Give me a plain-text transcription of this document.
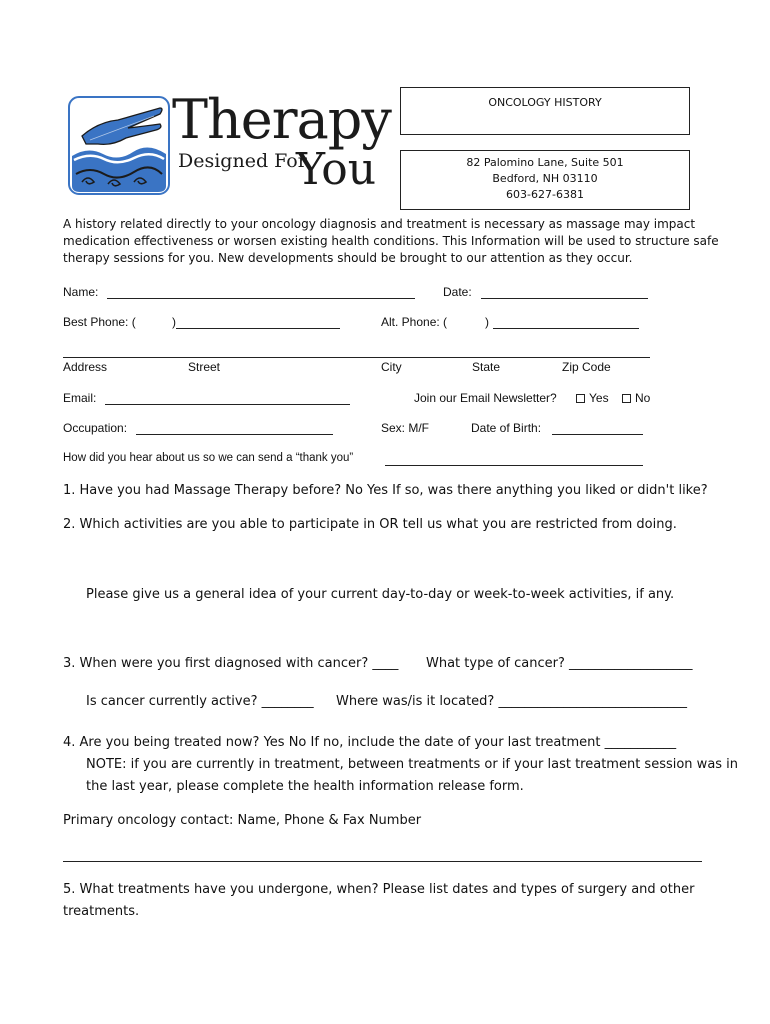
Therapy
Designed For
You
ONCOLOGY HISTORY
82 Palomino Lane, Suite 501
Bedford, NH 03110
603-627-6381
A history related directly to your oncology diagnosis and treatment is necessary as massage may impact
medication effectiveness or worsen existing health conditions. This Information will be used to structure safe
therapy sessions for you. New developments should be brought to our attention as they occur.
Name:	Date:
Best Phone: (	)	Alt. Phone: (	)
Address	Street	City	State	Zip Code
Email:	Join our Email Newsletter?	Yes	No
Occupation:	Sex: M/F	Date of Birth:
How did you hear about us so we can send a “thank you”
1. Have you had Massage Therapy before? No Yes If so, was there anything you liked or didn't like?
2. Which activities are you able to participate in OR tell us what you are restricted from doing.
Please give us a general idea of your current day-to-day or week-to-week activities, if any.
3. When were you first diagnosed with cancer? ____ What type of cancer? ___________________
Is cancer currently active? ________ Where was/is it located? _____________________________
4. Are you being treated now? Yes No If no, include the date of your last treatment ___________
NOTE: if you are currently in treatment, between treatments or if your last treatment session was in
the last year, please complete the health information release form.
Primary oncology contact: Name, Phone & Fax Number
5. What treatments have you undergone, when? Please list dates and types of surgery and other
treatments.
